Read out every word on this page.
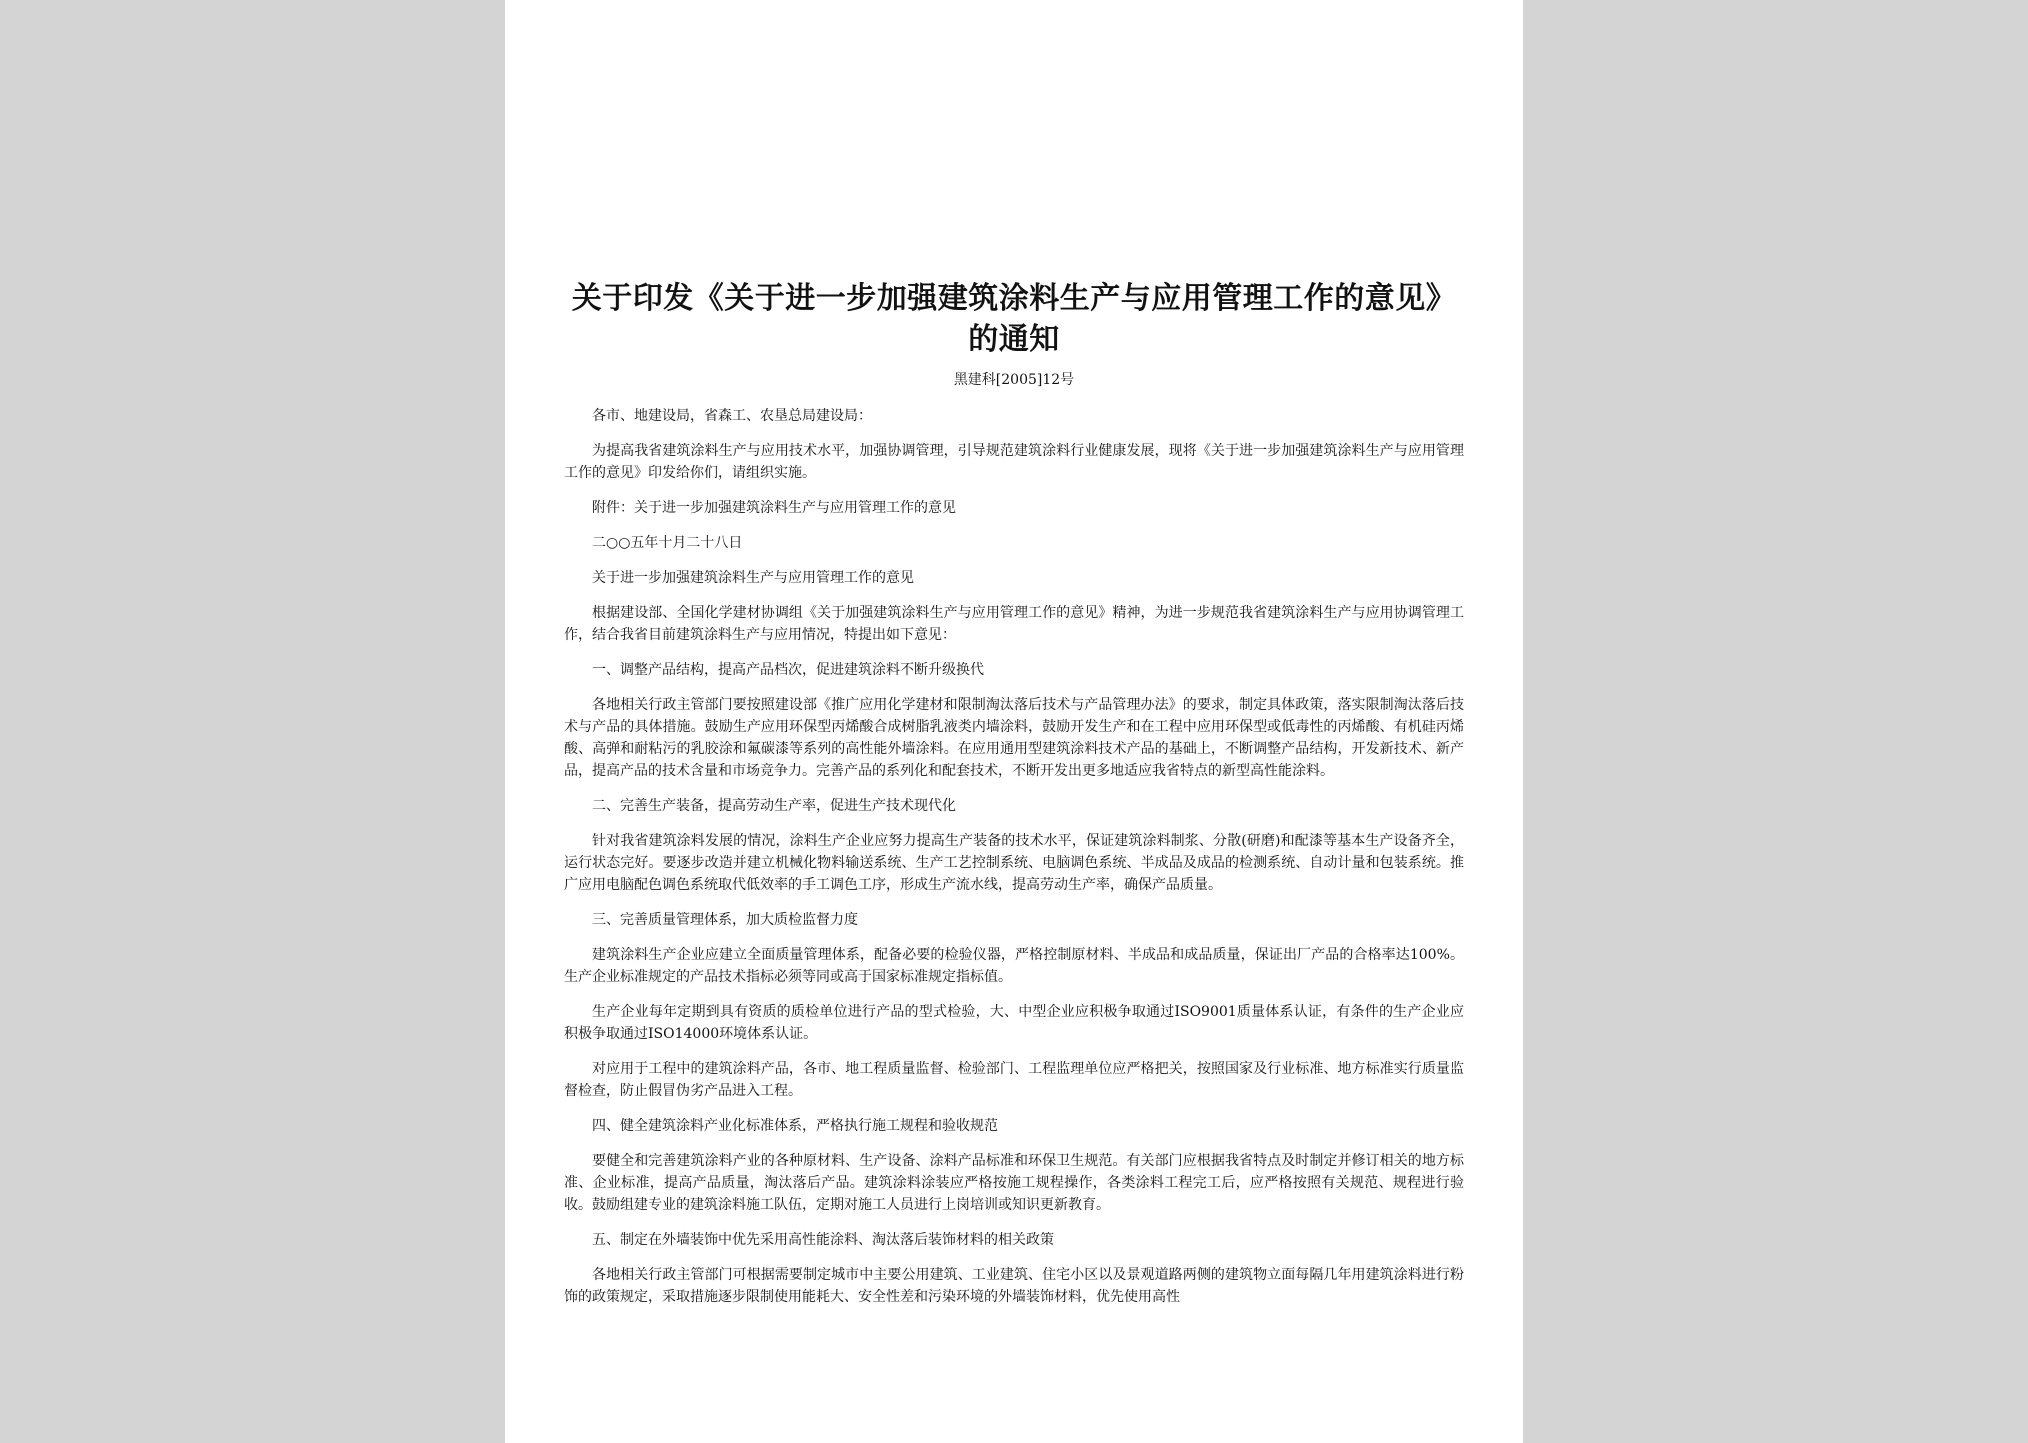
关于印发《关于进一步加强建筑涂料生产与应用管理工作的意见》的通知
黑建科[2005]12号

各市、地建设局，省森工、农垦总局建设局：

为提高我省建筑涂料生产与应用技术水平，加强协调管理，引导规范建筑涂料行业健康发展，现将《关于进一步加强建筑涂料生产与应用管理工作的意见》印发给你们，请组织实施。

附件：关于进一步加强建筑涂料生产与应用管理工作的意见

二○○五年十月二十八日

关于进一步加强建筑涂料生产与应用管理工作的意见

根据建设部、全国化学建材协调组《关于加强建筑涂料生产与应用管理工作的意见》精神，为进一步规范我省建筑涂料生产与应用协调管理工作，结合我省目前建筑涂料生产与应用情况，特提出如下意见：

一、调整产品结构，提高产品档次，促进建筑涂料不断升级换代

各地相关行政主管部门要按照建设部《推广应用化学建材和限制淘汰落后技术与产品管理办法》的要求，制定具体政策，落实限制淘汰落后技术与产品的具体措施。鼓励生产应用环保型丙烯酸合成树脂乳液类内墙涂料，鼓励开发生产和在工程中应用环保型或低毒性的丙烯酸、有机硅丙烯酸、高弹和耐粘污的乳胶涂和氟碳漆等系列的高性能外墙涂料。在应用通用型建筑涂料技术产品的基础上，不断调整产品结构，开发新技术、新产品，提高产品的技术含量和市场竞争力。完善产品的系列化和配套技术，不断开发出更多地适应我省特点的新型高性能涂料。

二、完善生产装备，提高劳动生产率，促进生产技术现代化

针对我省建筑涂料发展的情况，涂料生产企业应努力提高生产装备的技术水平，保证建筑涂料制浆、分散(研磨)和配漆等基本生产设备齐全，运行状态完好。要逐步改造并建立机械化物料输送系统、生产工艺控制系统、电脑调色系统、半成品及成品的检测系统、自动计量和包装系统。推广应用电脑配色调色系统取代低效率的手工调色工序，形成生产流水线，提高劳动生产率，确保产品质量。

三、完善质量管理体系，加大质检监督力度

建筑涂料生产企业应建立全面质量管理体系，配备必要的检验仪器，严格控制原材料、半成品和成品质量，保证出厂产品的合格率达100%。生产企业标准规定的产品技术指标必须等同或高于国家标准规定指标值。

生产企业每年定期到具有资质的质检单位进行产品的型式检验，大、中型企业应积极争取通过ISO9001质量体系认证，有条件的生产企业应积极争取通过ISO14000环境体系认证。

对应用于工程中的建筑涂料产品，各市、地工程质量监督、检验部门、工程监理单位应严格把关，按照国家及行业标准、地方标准实行质量监督检查，防止假冒伪劣产品进入工程。

四、健全建筑涂料产业化标准体系，严格执行施工规程和验收规范

要健全和完善建筑涂料产业的各种原材料、生产设备、涂料产品标准和环保卫生规范。有关部门应根据我省特点及时制定并修订相关的地方标准、企业标准，提高产品质量，淘汰落后产品。建筑涂料涂装应严格按施工规程操作，各类涂料工程完工后，应严格按照有关规范、规程进行验收。鼓励组建专业的建筑涂料施工队伍，定期对施工人员进行上岗培训或知识更新教育。

五、制定在外墙装饰中优先采用高性能涂料、淘汰落后装饰材料的相关政策

各地相关行政主管部门可根据需要制定城市中主要公用建筑、工业建筑、住宅小区以及景观道路两侧的建筑物立面每隔几年用建筑涂料进行粉饰的政策规定，采取措施逐步限制使用能耗大、安全性差和污染环境的外墙装饰材料，优先使用高性
